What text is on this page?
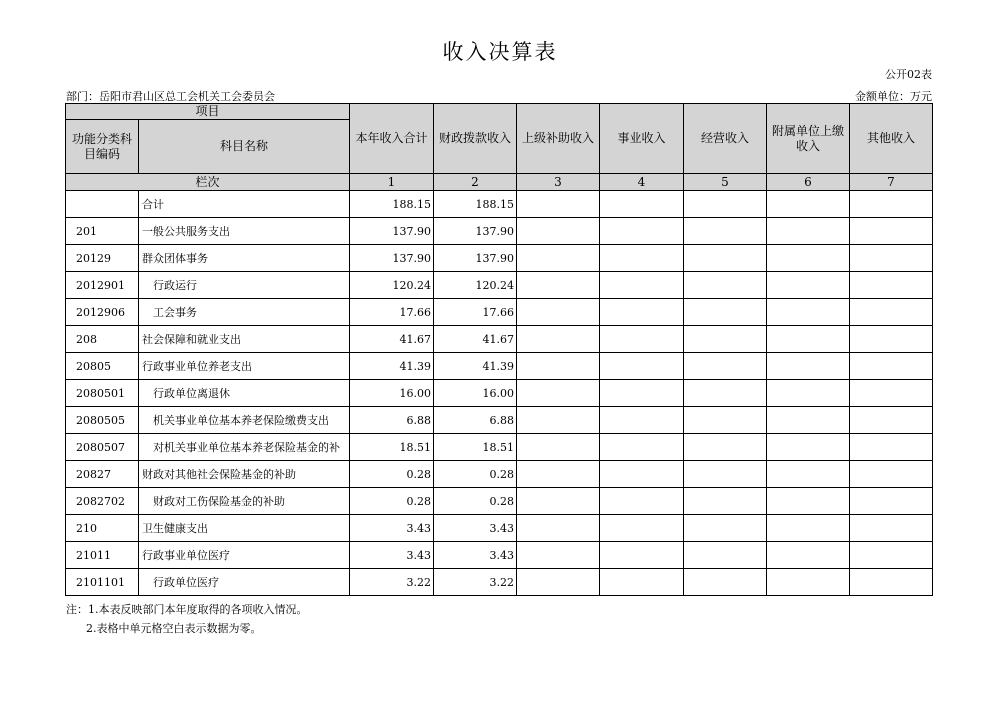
收入决算表
公开02表
部门：岳阳市君山区总工会机关工会委员会	金额单位：万元
项目		本年收入合计	财政拨款收入	上级补助收入	事业收入	经营收入	附属单位上缴收入	其他收入
功能分类科目编码	科目名称							
栏次		1	2	3	4	5	6	7
	合计	188.15	188.15					
201	一般公共服务支出	137.90	137.90					
20129	群众团体事务	137.90	137.90					
2012901	行政运行	120.24	120.24					
2012906	工会事务	17.66	17.66					
208	社会保障和就业支出	41.67	41.67					
20805	行政事业单位养老支出	41.39	41.39					
2080501	行政单位离退休	16.00	16.00					
2080505	机关事业单位基本养老保险缴费支出	6.88	6.88					
2080507	对机关事业单位基本养老保险基金的补	18.51	18.51					
20827	财政对其他社会保险基金的补助	0.28	0.28					
2082702	财政对工伤保险基金的补助	0.28	0.28					
210	卫生健康支出	3.43	3.43					
21011	行政事业单位医疗	3.43	3.43					
2101101	行政单位医疗	3.22	3.22					
注：1.本表反映部门本年度取得的各项收入情况。
2.表格中单元格空白表示数据为零。
